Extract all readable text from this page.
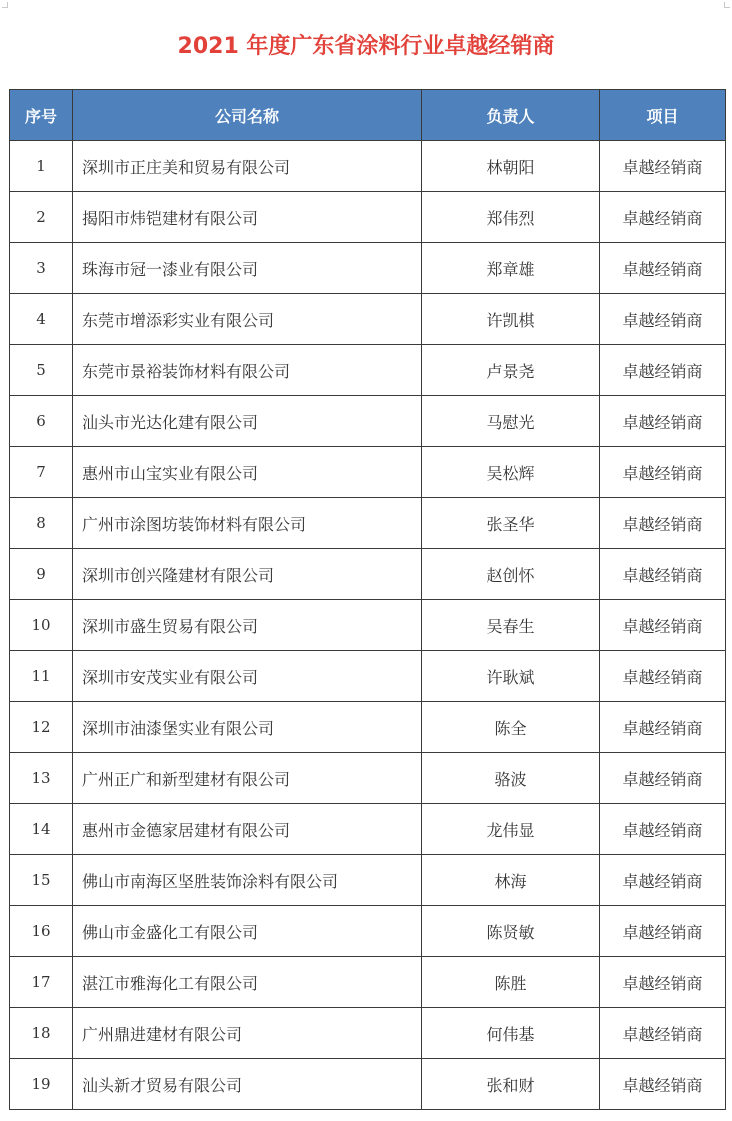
2021 年度广东省涂料行业卓越经销商
序号	公司名称	负责人	项目
1	深圳市正庄美和贸易有限公司	林朝阳	卓越经销商
2	揭阳市炜铠建材有限公司	郑伟烈	卓越经销商
3	珠海市冠一漆业有限公司	郑章雄	卓越经销商
4	东莞市增添彩实业有限公司	许凯棋	卓越经销商
5	东莞市景裕装饰材料有限公司	卢景尧	卓越经销商
6	汕头市光达化建有限公司	马慰光	卓越经销商
7	惠州市山宝实业有限公司	吴松辉	卓越经销商
8	广州市涂图坊装饰材料有限公司	张圣华	卓越经销商
9	深圳市创兴隆建材有限公司	赵创怀	卓越经销商
10	深圳市盛生贸易有限公司	吴春生	卓越经销商
11	深圳市安茂实业有限公司	许耿斌	卓越经销商
12	深圳市油漆堡实业有限公司	陈全	卓越经销商
13	广州正广和新型建材有限公司	骆波	卓越经销商
14	惠州市金德家居建材有限公司	龙伟显	卓越经销商
15	佛山市南海区坚胜装饰涂料有限公司	林海	卓越经销商
16	佛山市金盛化工有限公司	陈贤敏	卓越经销商
17	湛江市雅海化工有限公司	陈胜	卓越经销商
18	广州鼎进建材有限公司	何伟基	卓越经销商
19	汕头新才贸易有限公司	张和财	卓越经销商
